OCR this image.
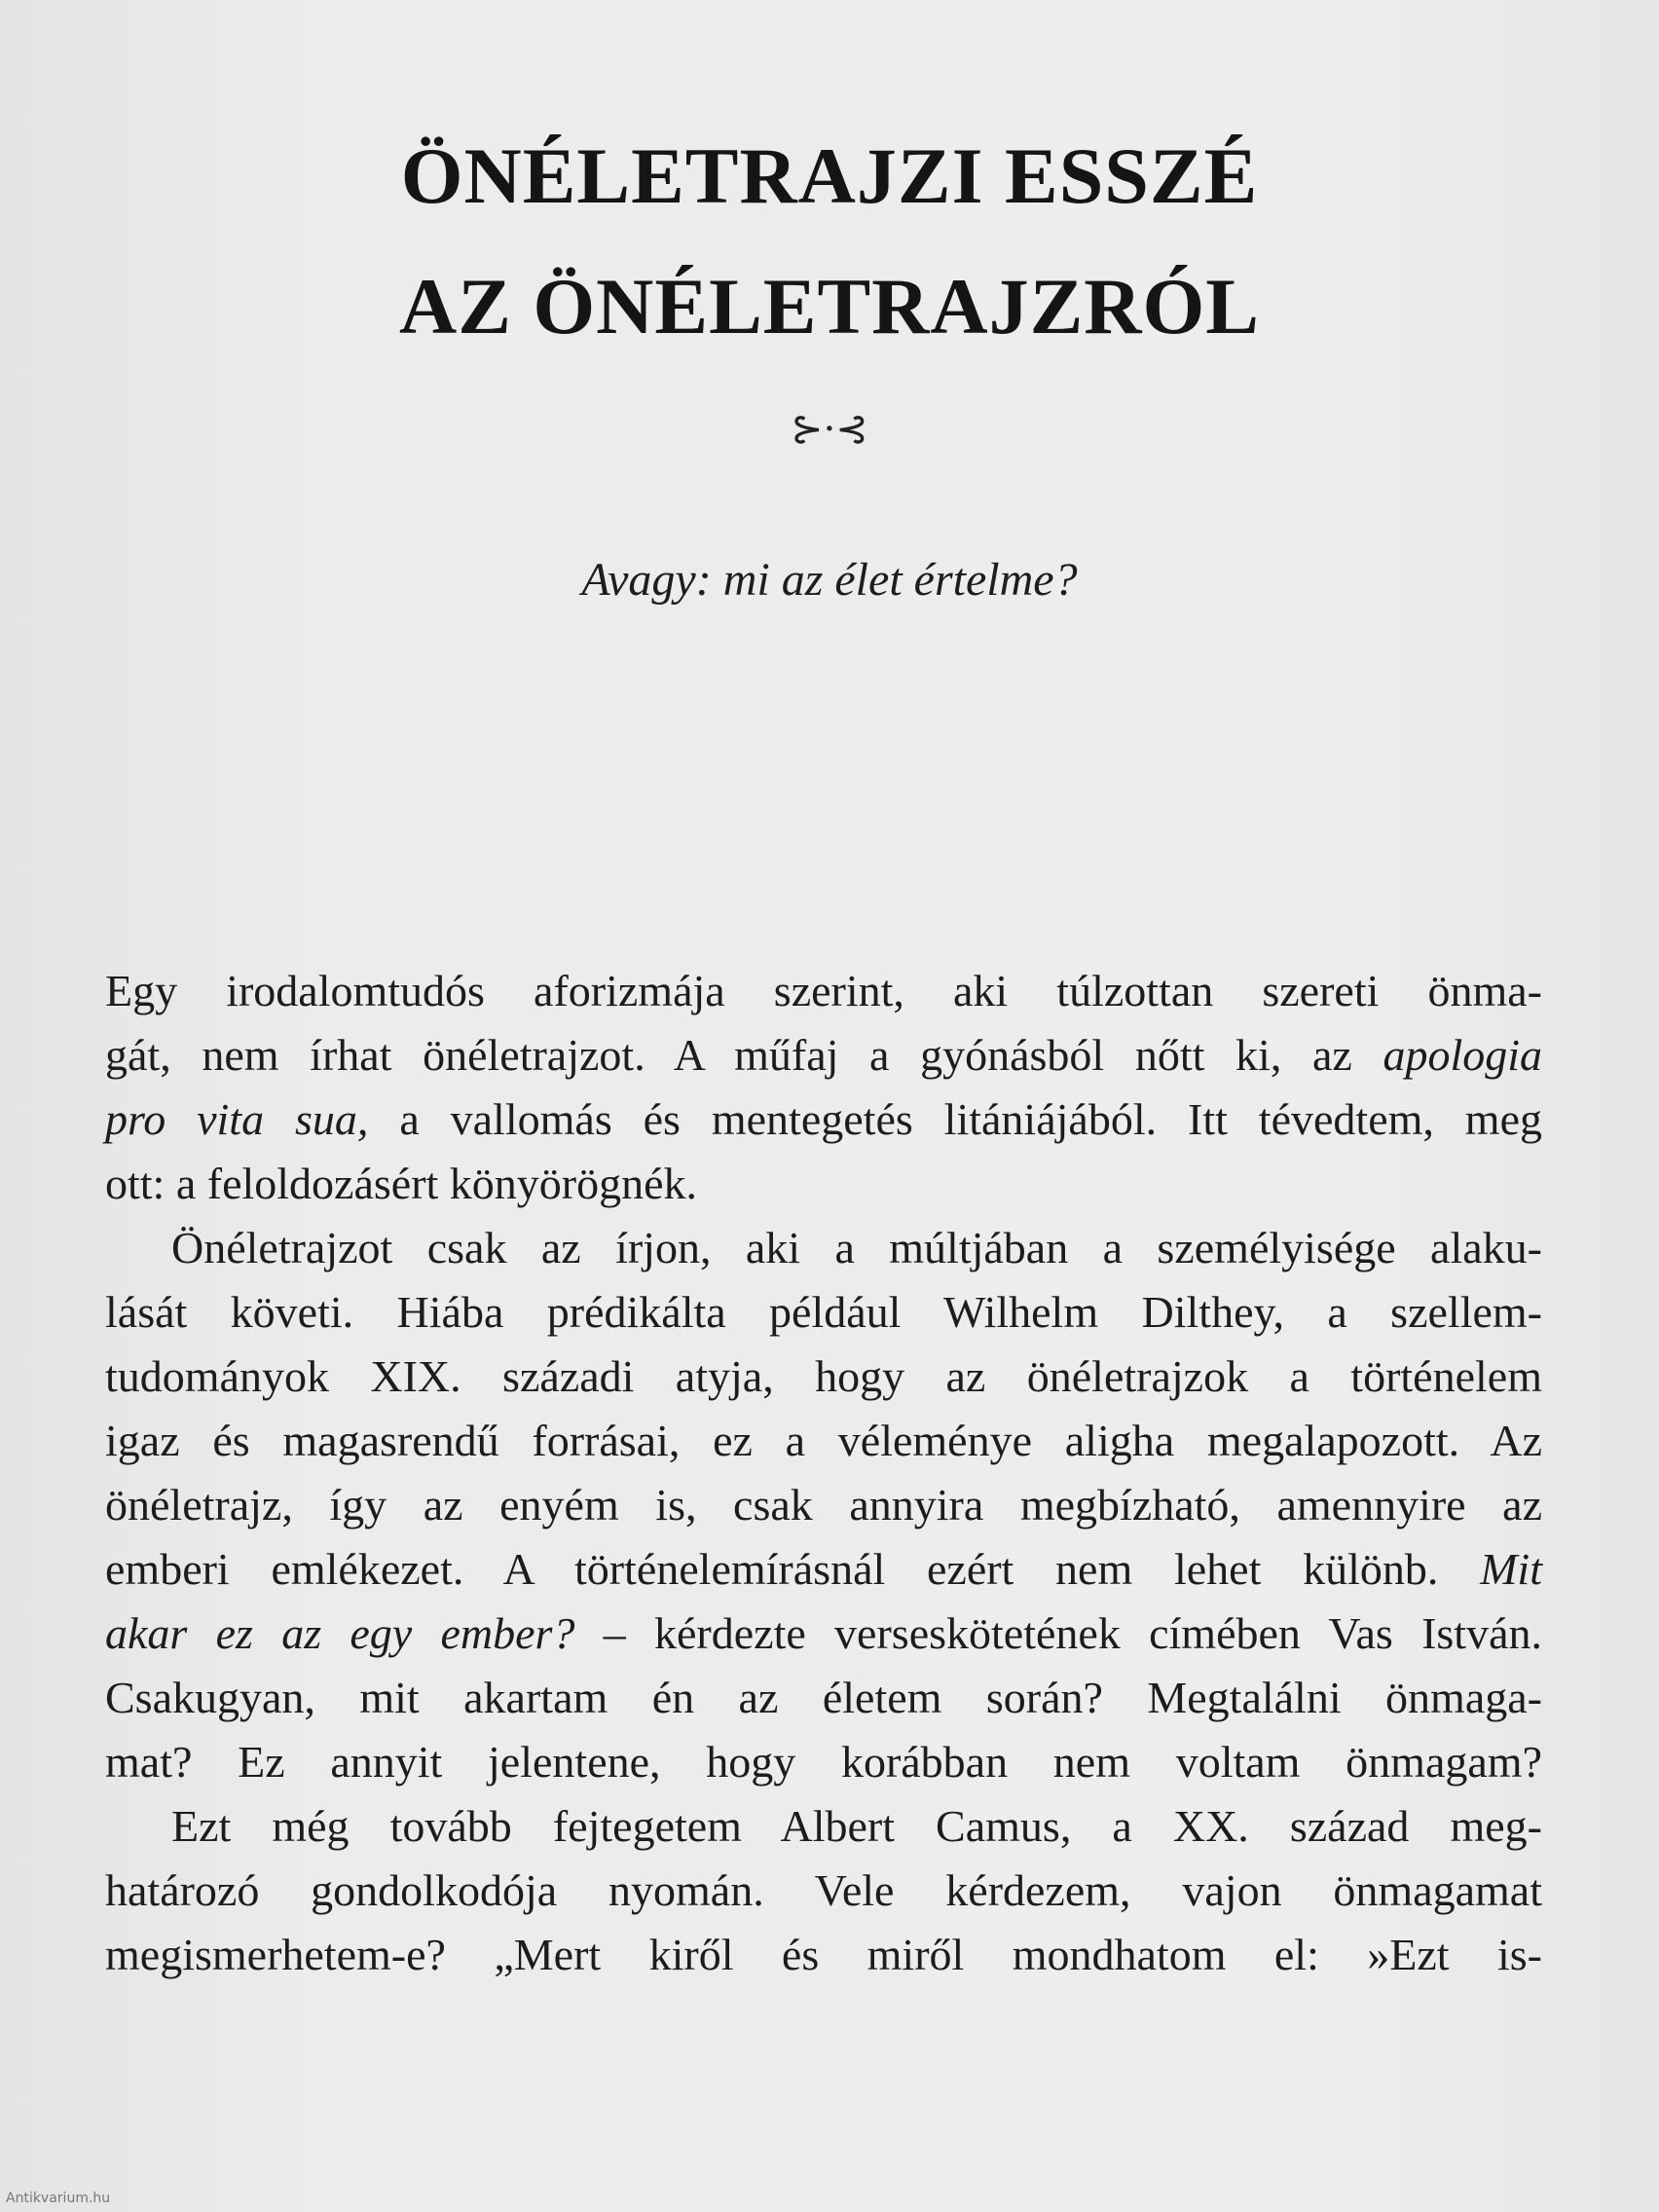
ÖNÉLETRAJZI ESSZÉ
AZ ÖNÉLETRAJZRÓL
⊱·⊰
Avagy: mi az élet értelme?
Egy irodalomtudós aforizmája szerint, aki túlzottan szereti önma-
gát, nem írhat önéletrajzot. A műfaj a gyónásból nőtt ki, az apologia
pro vita sua, a vallomás és mentegetés litániájából. Itt tévedtem, meg
ott: a feloldozásért könyörögnék.
Önéletrajzot csak az írjon, aki a múltjában a személyisége alaku-
lását követi. Hiába prédikálta például Wilhelm Dilthey, a szellem-
tudományok XIX. századi atyja, hogy az önéletrajzok a történelem
igaz és magasrendű forrásai, ez a véleménye aligha megalapozott. Az
önéletrajz, így az enyém is, csak annyira megbízható, amennyire az
emberi emlékezet. A történelemírásnál ezért nem lehet különb. Mit
akar ez az egy ember? – kérdezte verseskötetének címében Vas István.
Csakugyan, mit akartam én az életem során? Megtalálni önmaga-
mat? Ez annyit jelentene, hogy korábban nem voltam önmagam?
Ezt még tovább fejtegetem Albert Camus, a XX. század meg-
határozó gondolkodója nyomán. Vele kérdezem, vajon önmagamat
megismerhetem-e? „Mert kiről és miről mondhatom el: »Ezt is-
Antikvarium.hu
